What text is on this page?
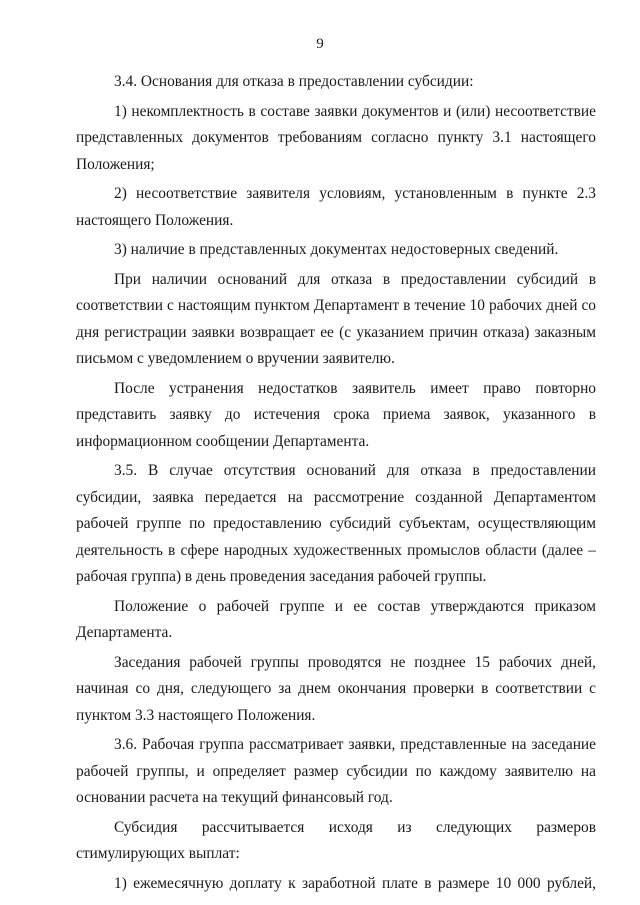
9

3.4. Основания для отказа в предоставлении субсидии:

1) некомплектность в составе заявки документов и (или) несоответствие представленных документов требованиям согласно пункту 3.1 настоящего Положения;

2) несоответствие заявителя условиям, установленным в пункте 2.3 настоящего Положения.

3) наличие в представленных документах недостоверных сведений.

При наличии оснований для отказа в предоставлении субсидий в соответствии с настоящим пунктом Департамент в течение 10 рабочих дней со дня регистрации заявки возвращает ее (с указанием причин отказа) заказным письмом с уведомлением о вручении заявителю.

После устранения недостатков заявитель имеет право повторно представить заявку до истечения срока приема заявок, указанного в информационном сообщении Департамента.

3.5. В случае отсутствия оснований для отказа в предоставлении субсидии, заявка передается на рассмотрение созданной Департаментом рабочей группе по предоставлению субсидий субъектам, осуществляющим деятельность в сфере народных художественных промыслов области (далее – рабочая группа) в день проведения заседания рабочей группы.

Положение о рабочей группе и ее состав утверждаются приказом Департамента.

Заседания рабочей группы проводятся не позднее 15 рабочих дней, начиная со дня, следующего за днем окончания проверки в соответствии с пунктом 3.3 настоящего Положения.

3.6. Рабочая группа рассматривает заявки, представленные на заседание рабочей группы, и определяет размер субсидии по каждому заявителю на основании расчета на текущий финансовый год.

Субсидия рассчитывается исходя из следующих размеров стимулирующих выплат:

1) ежемесячную доплату к заработной плате в размере 10 000 рублей,
